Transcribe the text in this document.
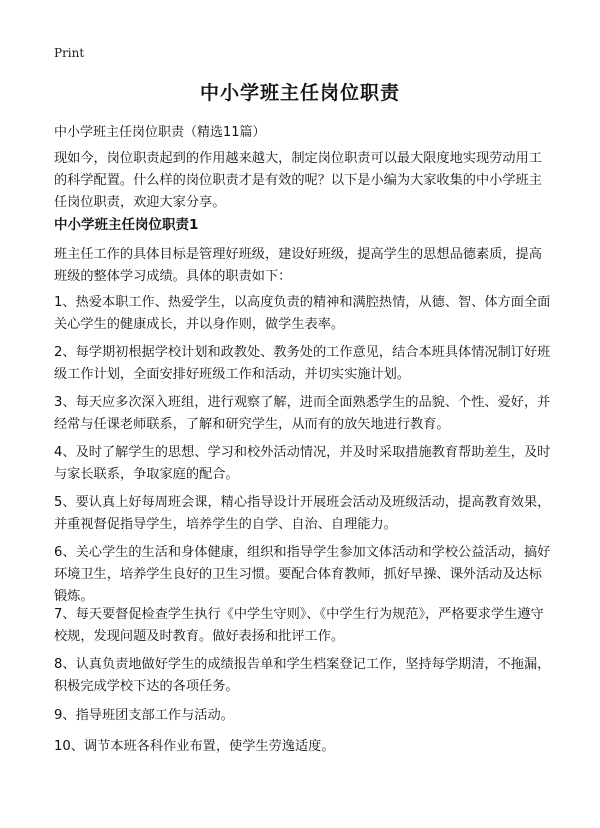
Print
中小学班主任岗位职责

中小学班主任岗位职责（精选11篇）

现如今，岗位职责起到的作用越来越大，制定岗位职责可以最大限度地实现劳动用工的科学配置。什么样的岗位职责才是有效的呢？以下是小编为大家收集的中小学班主任岗位职责，欢迎大家分享。

中小学班主任岗位职责1

班主任工作的具体目标是管理好班级，建设好班级，提高学生的思想品德素质，提高班级的整体学习成绩。具体的职责如下：

1、热爱本职工作、热爱学生，以高度负责的精神和满腔热情，从德、智、体方面全面关心学生的健康成长，并以身作则，做学生表率。

2、每学期初根据学校计划和政教处、教务处的工作意见，结合本班具体情况制订好班级工作计划，全面安排好班级工作和活动，并切实实施计划。

3、每天应多次深入班组，进行观察了解，进而全面熟悉学生的品貌、个性、爱好，并经常与任课老师联系，了解和研究学生，从而有的放矢地进行教育。

4、及时了解学生的思想、学习和校外活动情况，并及时采取措施教育帮助差生，及时与家长联系，争取家庭的配合。

5、要认真上好每周班会课，精心指导设计开展班会活动及班级活动，提高教育效果，并重视督促指导学生，培养学生的自学、自治、自理能力。

6、关心学生的生活和身体健康，组织和指导学生参加文体活动和学校公益活动，搞好环境卫生，培养学生良好的卫生习惯。要配合体育教师，抓好早操、课外活动及达标锻炼。

7、每天要督促检查学生执行《中学生守则》、《中学生行为规范》，严格要求学生遵守校规，发现问题及时教育。做好表扬和批评工作。

8、认真负责地做好学生的成绩报告单和学生档案登记工作，坚持每学期清，不拖漏，积极完成学校下达的各项任务。

9、指导班团支部工作与活动。

10、调节本班各科作业布置，使学生劳逸适度。
